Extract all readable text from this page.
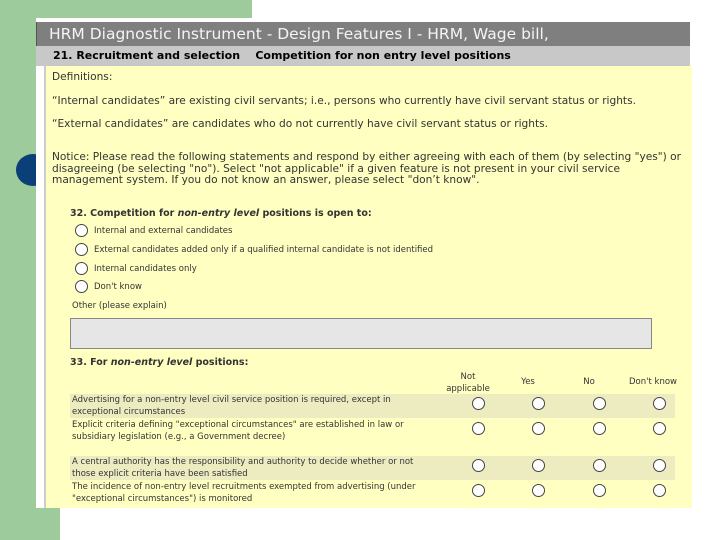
HRM Diagnostic Instrument - Design Features I - HRM, Wage bill,
21. Recruitment and selection    Competition for non entry level positions
Definitions:
“Internal candidates” are existing civil servants; i.e., persons who currently have civil servant status or rights.
“External candidates” are candidates who do not currently have civil servant status or rights.
Notice: Please read the following statements and respond by either agreeing with each of them (by selecting "yes") or disagreeing (be selecting "no"). Select "not applicable" if a given feature is not present in your civil service management system. If you do not know an answer, please select "don’t know".
32. Competition for non-entry level positions is open to:
Internal and external candidates
External candidates added only if a qualified internal candidate is not identified
Internal candidates only
Don't know
Other (please explain)
33. For non-entry level positions:
Not applicable
Yes	No	Don't know
Advertising for a non-entry level civil service position is required, except in exceptional circumstances
Explicit criteria defining "exceptional circumstances" are established in law or subsidiary legislation (e.g., a Government decree)
A central authority has the responsibility and authority to decide whether or not those explicit criteria have been satisfied
The incidence of non-entry level recruitments exempted from advertising (under "exceptional circumstances") is monitored
